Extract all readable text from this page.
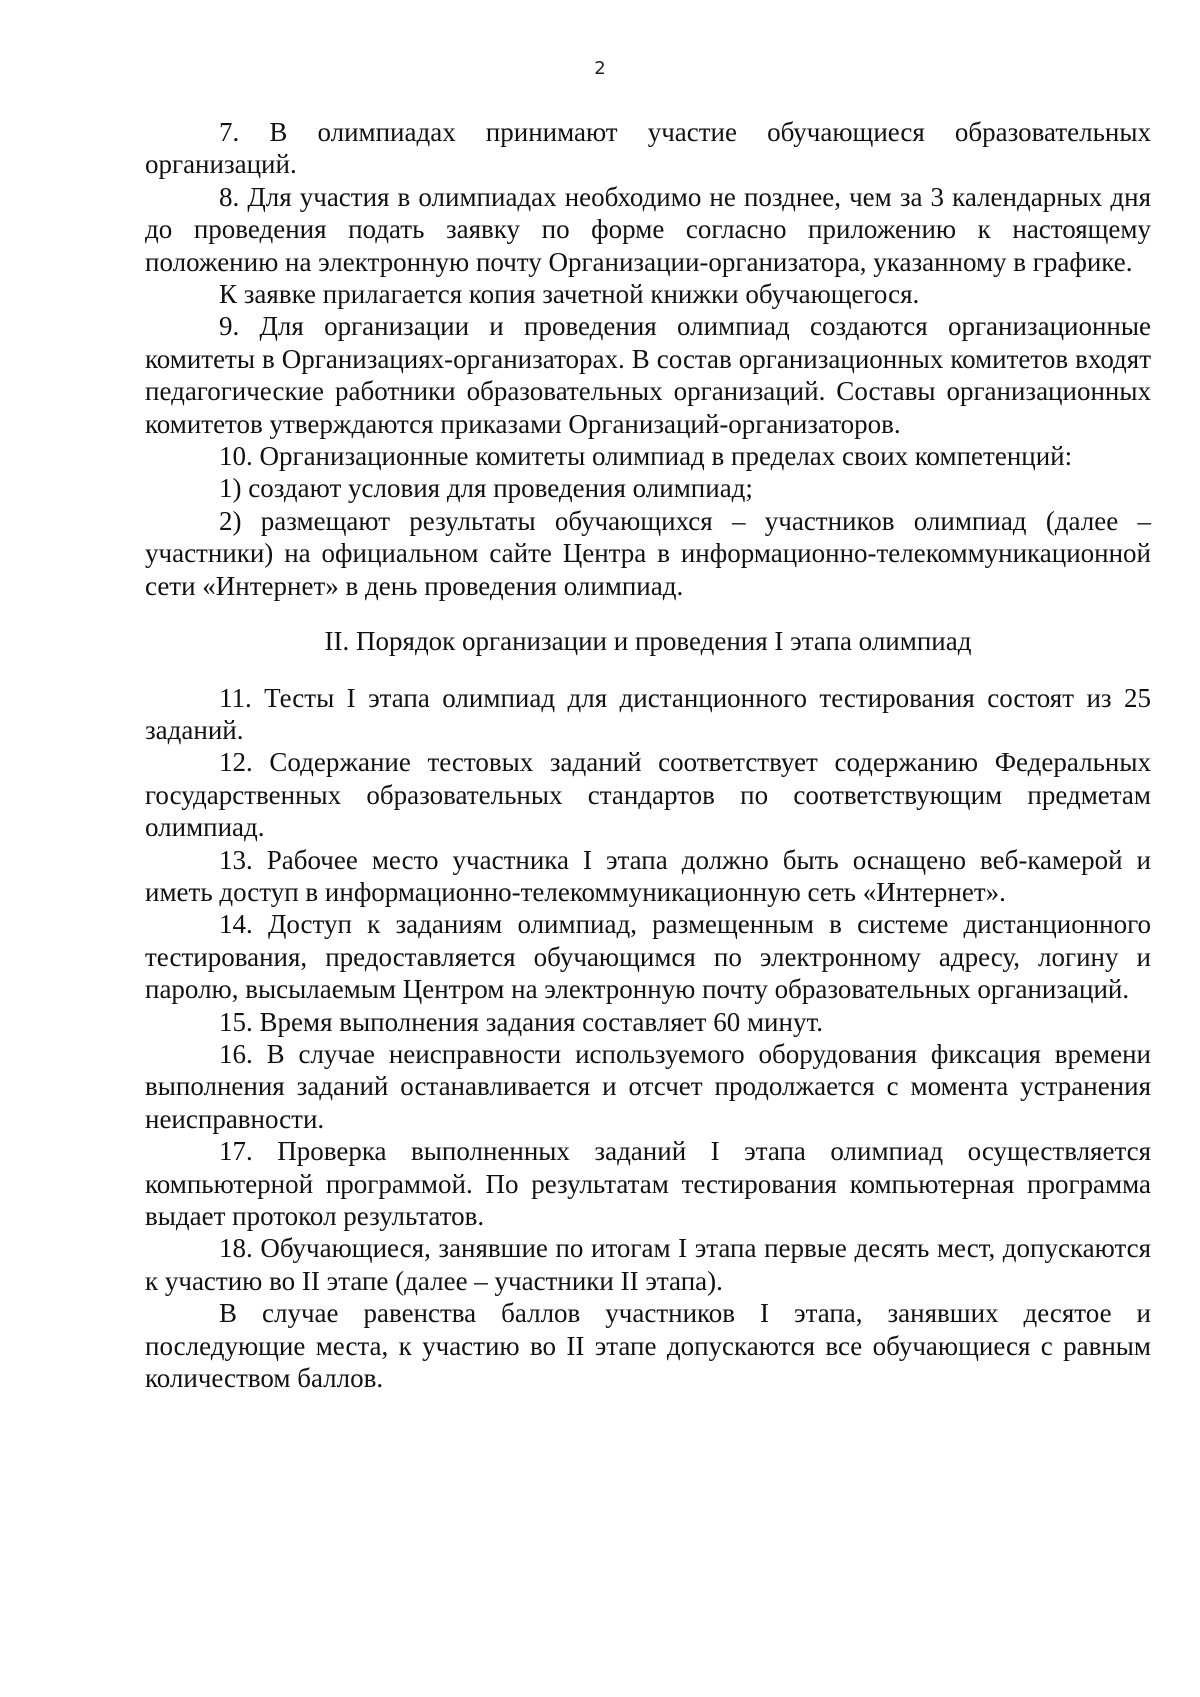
2

7. В олимпиадах принимают участие обучающиеся образовательных организаций.

8. Для участия в олимпиадах необходимо не позднее, чем за 3 календарных дня до проведения подать заявку по форме согласно приложению к настоящему положению на электронную почту Организации-организатора, указанному в графике.

К заявке прилагается копия зачетной книжки обучающегося.

9. Для организации и проведения олимпиад создаются организационные комитеты в Организациях-организаторах. В состав организационных комитетов входят педагогические работники образовательных организаций. Составы организационных комитетов утверждаются приказами Организаций-организаторов.

10. Организационные комитеты олимпиад в пределах своих компетенций:

1) создают условия для проведения олимпиад;

2) размещают результаты обучающихся – участников олимпиад (далее – участники) на официальном сайте Центра в информационно-телекоммуникационной сети «Интернет» в день проведения олимпиад.

II. Порядок организации и проведения I этапа олимпиад

11. Тесты I этапа олимпиад для дистанционного тестирования состоят из 25 заданий.

12. Содержание тестовых заданий соответствует содержанию Федеральных государственных образовательных стандартов по соответствующим предметам олимпиад.

13. Рабочее место участника I этапа должно быть оснащено веб-камерой и иметь доступ в информационно-телекоммуникационную сеть «Интернет».

14. Доступ к заданиям олимпиад, размещенным в системе дистанционного тестирования, предоставляется обучающимся по электронному адресу, логину и паролю, высылаемым Центром на электронную почту образовательных организаций.

15. Время выполнения задания составляет 60 минут.

16. В случае неисправности используемого оборудования фиксация времени выполнения заданий останавливается и отсчет продолжается с момента устранения неисправности.

17. Проверка выполненных заданий I этапа олимпиад осуществляется компьютерной программой. По результатам тестирования компьютерная программа выдает протокол результатов.

18. Обучающиеся, занявшие по итогам I этапа первые десять мест, допускаются к участию во II этапе (далее – участники II этапа).

В случае равенства баллов участников I этапа, занявших десятое и последующие места, к участию во II этапе допускаются все обучающиеся с равным количеством баллов.
